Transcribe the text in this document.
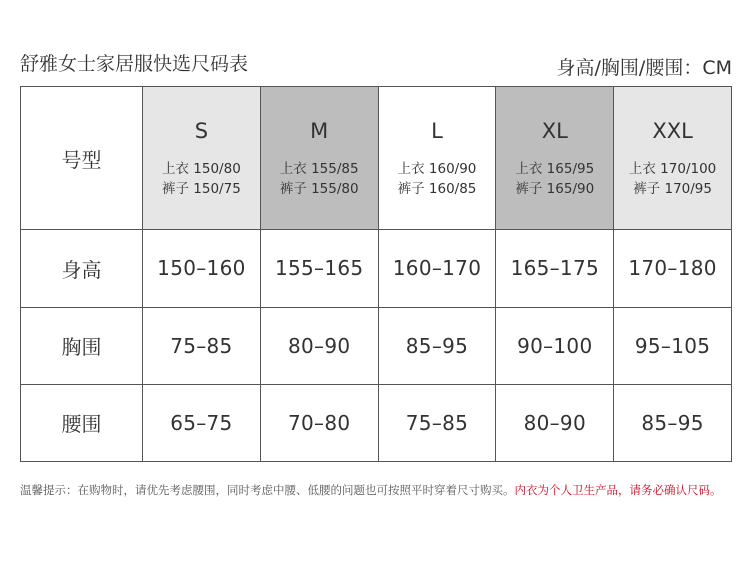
舒雅女士家居服快选尺码表	身高/胸围/腰围：CM
号型	S
上衣 150/80
裤子 150/75	M
上衣 155/85
裤子 155/80	L
上衣 160/90
裤子 160/85	XL
上衣 165/95
裤子 165/90	XXL
上衣 170/100
裤子 170/95

身高	150–160	155–165	160–170	165–175	170–180
胸围	75–85	80–90	85–95	90–100	95–105
腰围	65–75	70–80	75–85	80–90	85–95
温馨提示：在购物时，请优先考虑腰围，同时考虑中腰、低腰的问题也可按照平时穿着尺寸购买。内衣为个人卫生产品，请务必确认尺码。
